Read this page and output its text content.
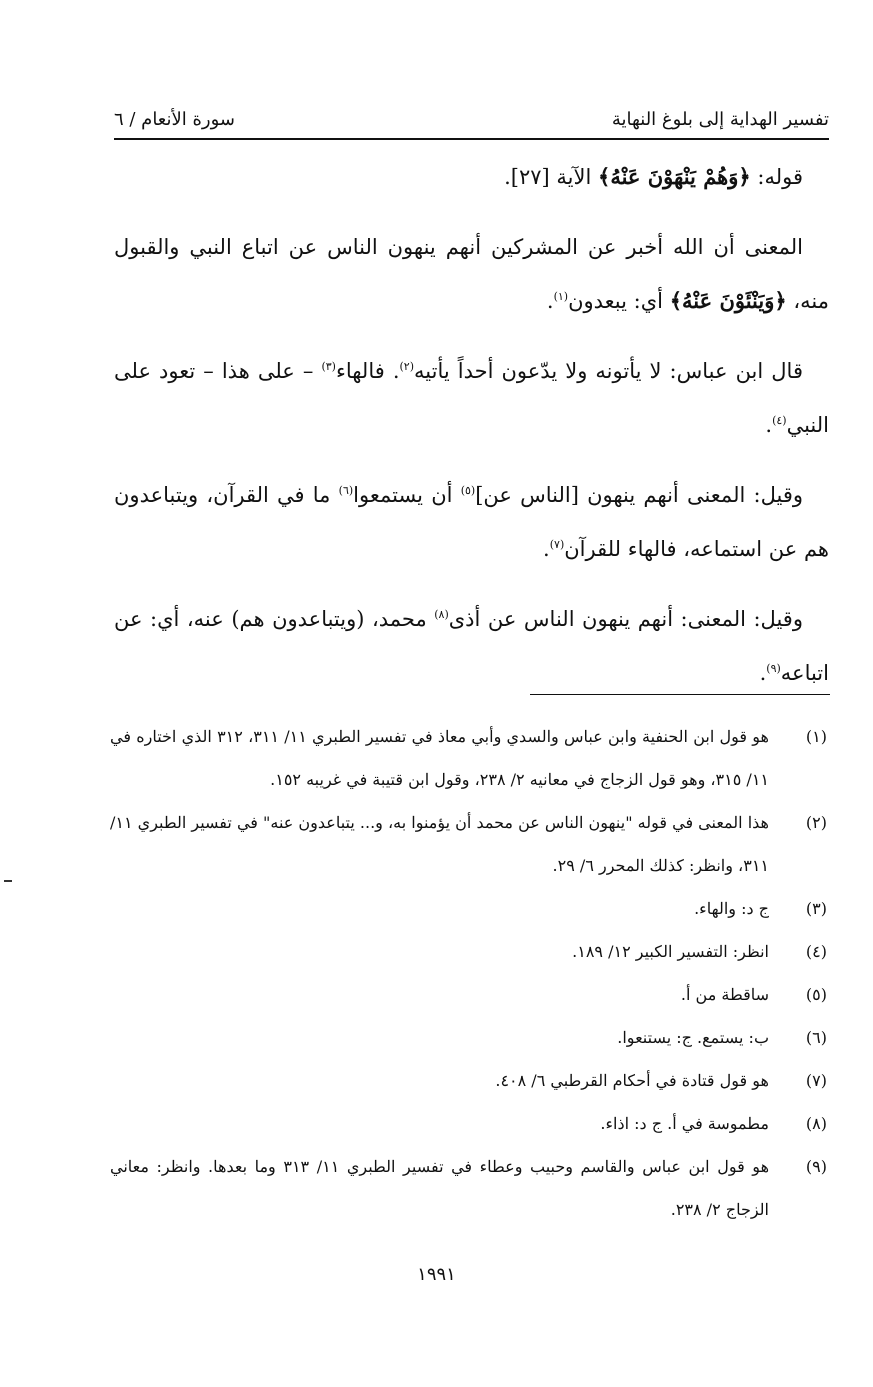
تفسير الهداية إلى بلوغ النهاية
سورة الأنعام / ٦

قوله: ﴿وَهُمْ يَنْهَوْنَ عَنْهُ﴾ الآية [٢٧].

المعنى أن الله أخبر عن المشركين أنهم ينهون الناس عن اتباع النبي والقبول منه، ﴿وَيَنْئَوْنَ عَنْهُ﴾ أي: يبعدون$^{(١)}$.

قال ابن عباس: لا يأتونه ولا يدّعون أحداً يأتيه$^{(٢)}$. فالهاء$^{(٣)}$ – على هذا – تعود على النبي$^{(٤)}$.

وقيل: المعنى أنهم ينهون [الناس عن]$^{(٥)}$ أن يستمعوا$^{(٦)}$ ما في القرآن، ويتباعدون هم عن استماعه، فالهاء للقرآن$^{(٧)}$.

وقيل: المعنى: أنهم ينهون الناس عن أذى$^{(٨)}$ محمد، (ويتباعدون هم) عنه، أي: عن اتباعه$^{(٩)}$.

(١)
هو قول ابن الحنفية وابن عباس والسدي وأبي معاذ في تفسير الطبري ١١/ ٣١١، ٣١٢ الذي اختاره في ١١/ ٣١٥، وهو قول الزجاج في معانيه ٢/ ٢٣٨، وقول ابن قتيبة في غريبه ١٥٢.
(٢)
هذا المعنى في قوله "ينهون الناس عن محمد أن يؤمنوا به، و... يتباعدون عنه" في تفسير الطبري ١١/ ٣١١، وانظر: كذلك المحرر ٦/ ٢٩.
(٣)
ج د: والهاء.
(٤)
انظر: التفسير الكبير ١٢/ ١٨٩.
(٥)
ساقطة من أ.
(٦)
ب: يستمع. ج: يستنعوا.
(٧)
هو قول قتادة في أحكام القرطبي ٦/ ٤٠٨.
(٨)
مطموسة في أ. ج د: اذاء.
(٩)
هو قول ابن عباس والقاسم وحبيب وعطاء في تفسير الطبري ١١/ ٣١٣ وما بعدها. وانظر: معاني الزجاج ٢/ ٢٣٨.
١٩٩١
